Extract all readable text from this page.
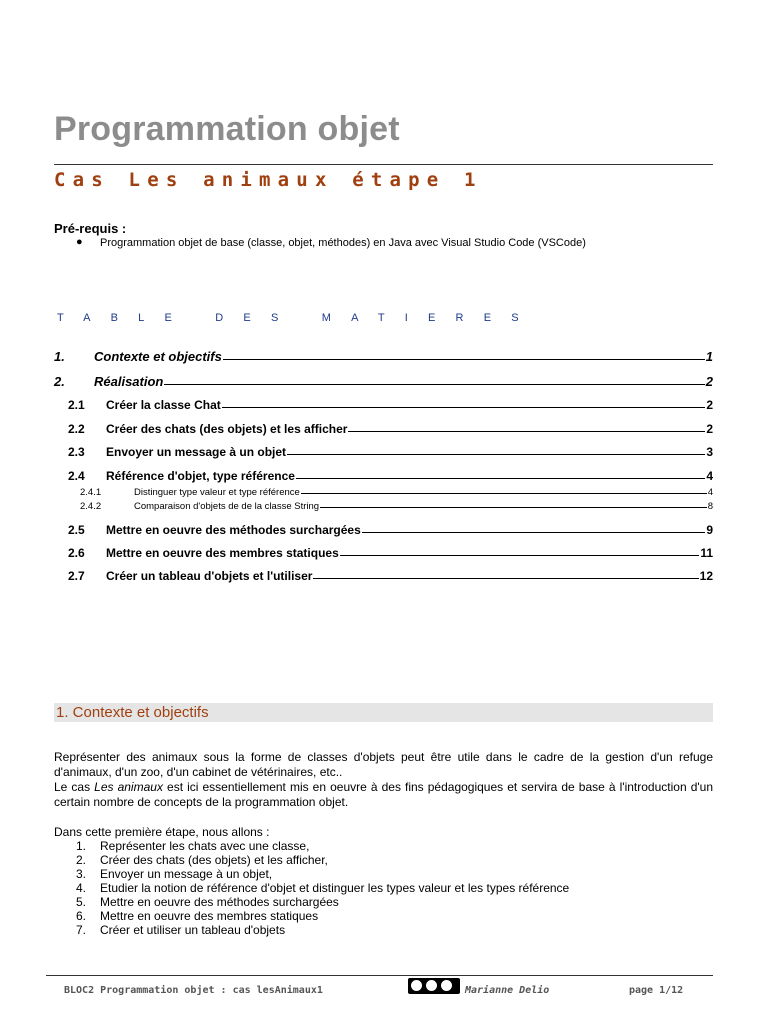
Programmation objet
Cas Les animaux étape 1
Pré-requis :
● Programmation objet de base (classe, objet, méthodes) en Java avec Visual Studio Code (VSCode)
TABLE DES MATIERES
1.	Contexte et objectifs	1
2.	Réalisation	2
2.1	Créer la classe Chat	2
2.2	Créer des chats (des objets) et les afficher	2
2.3	Envoyer un message à un objet	3
2.4	Référence d'objet, type référence	4
2.4.1	Distinguer type valeur et type référence	4
2.4.2	Comparaison d'objets de de la classe String	8
2.5	Mettre en oeuvre des méthodes surchargées	9
2.6	Mettre en oeuvre des membres statiques	11
2.7	Créer un tableau d'objets et l'utiliser	12
1. Contexte et objectifs
Représenter des animaux sous la forme de classes d'objets peut être utile dans le cadre de la gestion d'un refuge d'animaux, d'un zoo, d'un cabinet de vétérinaires, etc..
Le cas Les animaux est ici essentiellement mis en oeuvre à des fins pédagogiques et servira de base à l'introduction d'un certain nombre de concepts de la programmation objet.
Dans cette première étape, nous allons :
1. Représenter les chats avec une classe,
2. Créer des chats (des objets) et les afficher,
3. Envoyer un message à un objet,
4. Etudier la notion de référence d'objet et distinguer les types valeur et les types référence
5. Mettre en oeuvre des méthodes surchargées
6. Mettre en oeuvre des membres statiques
7. Créer et utiliser un tableau d'objets
BLOC2 Programmation objet : cas lesAnimaux1	Marianne Delio	page 1/12
